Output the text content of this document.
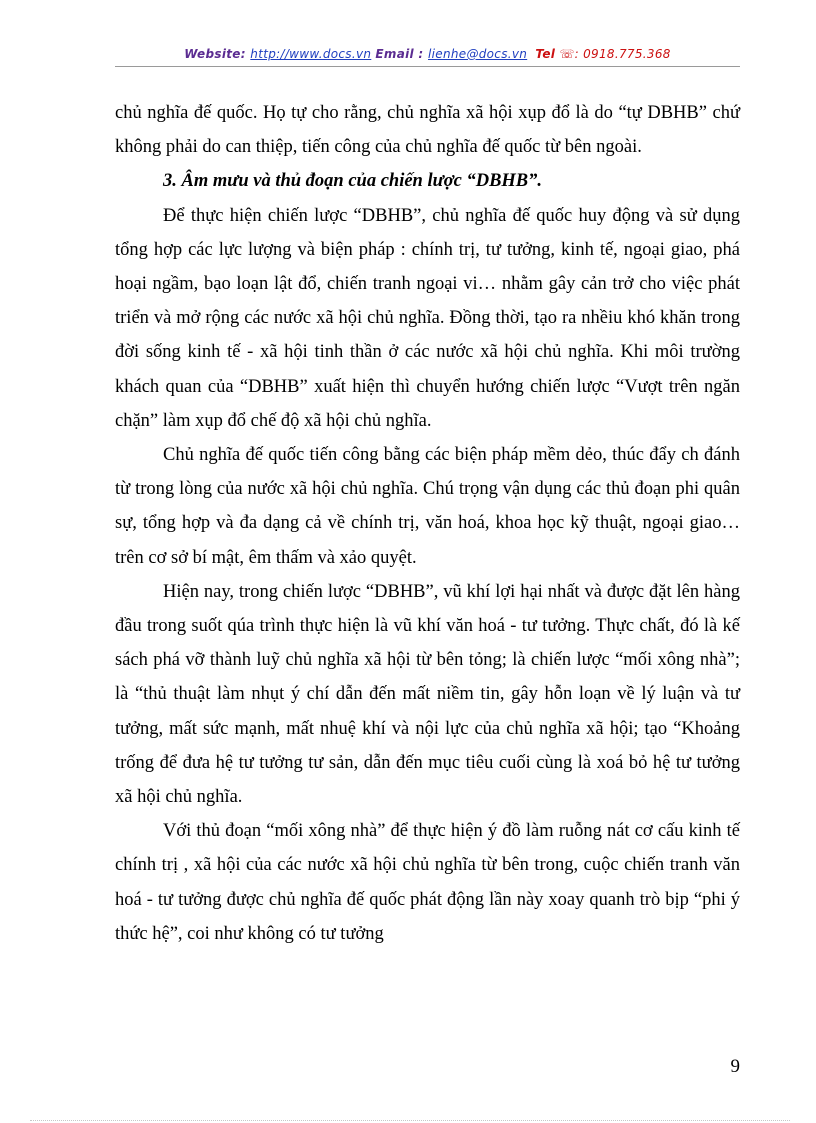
Website: http://www.docs.vn Email : lienhe@docs.vn Tel ☏: 0918.775.368

chủ nghĩa đế quốc. Họ tự cho rằng, chủ nghĩa xã hội xụp đổ là do “tự DBHB” chứ không phải do can thiệp, tiến công của chủ nghĩa đế quốc từ bên ngoài.

3. Âm mưu và thủ đoạn của chiến lược “DBHB”.

Để thực hiện chiến lược “DBHB”, chủ nghĩa đế quốc huy động và sử dụng tổng hợp các lực lượng và biện pháp : chính trị, tư tưởng, kinh tế, ngoại giao, phá hoại ngầm, bạo loạn lật đổ, chiến tranh ngoại vi… nhằm gây cản trở cho việc phát triển và mở rộng các nước xã hội chủ nghĩa. Đồng thời, tạo ra nhềiu khó khăn trong đời sống kinh tế - xã hội tinh thần ở các nước xã hội chủ nghĩa. Khi môi trường khách quan của “DBHB” xuất hiện thì chuyển hướng chiến lược “Vượt trên ngăn chặn” làm xụp đổ chế độ xã hội chủ nghĩa.

Chủ nghĩa đế quốc tiến công bằng các biện pháp mềm dẻo, thúc đẩy ch đánh từ trong lòng của nước xã hội chủ nghĩa. Chú trọng vận dụng các thủ đoạn phi quân sự, tổng hợp và đa dạng cả về chính trị, văn hoá, khoa học kỹ thuật, ngoại giao… trên cơ sở bí mật, êm thấm và xảo quyệt.

Hiện nay, trong chiến lược “DBHB”, vũ khí lợi hại nhất và được đặt lên hàng đầu trong suốt qúa trình thực hiện là vũ khí văn hoá - tư tưởng. Thực chất, đó là kế sách phá vỡ thành luỹ chủ nghĩa xã hội từ bên tỏng; là chiến lược “mối xông nhà”; là “thủ thuật làm nhụt ý chí dẫn đến mất niềm tin, gây hỗn loạn về lý luận và tư tưởng, mất sức mạnh, mất nhuệ khí và nội lực của chủ nghĩa xã hội; tạo “Khoảng trống để đưa hệ tư tưởng tư sản, dẫn đến mục tiêu cuối cùng là xoá bỏ hệ tư tưởng xã hội chủ nghĩa.

Với thủ đoạn “mối xông nhà” để thực hiện ý đồ làm ruỗng nát cơ cấu kinh tế chính trị , xã hội của các nước xã hội chủ nghĩa từ bên trong, cuộc chiến tranh văn hoá - tư tưởng được chủ nghĩa đế quốc phát động lần này xoay quanh trò bịp “phi ý thức hệ”, coi như không có tư tưởng

9
